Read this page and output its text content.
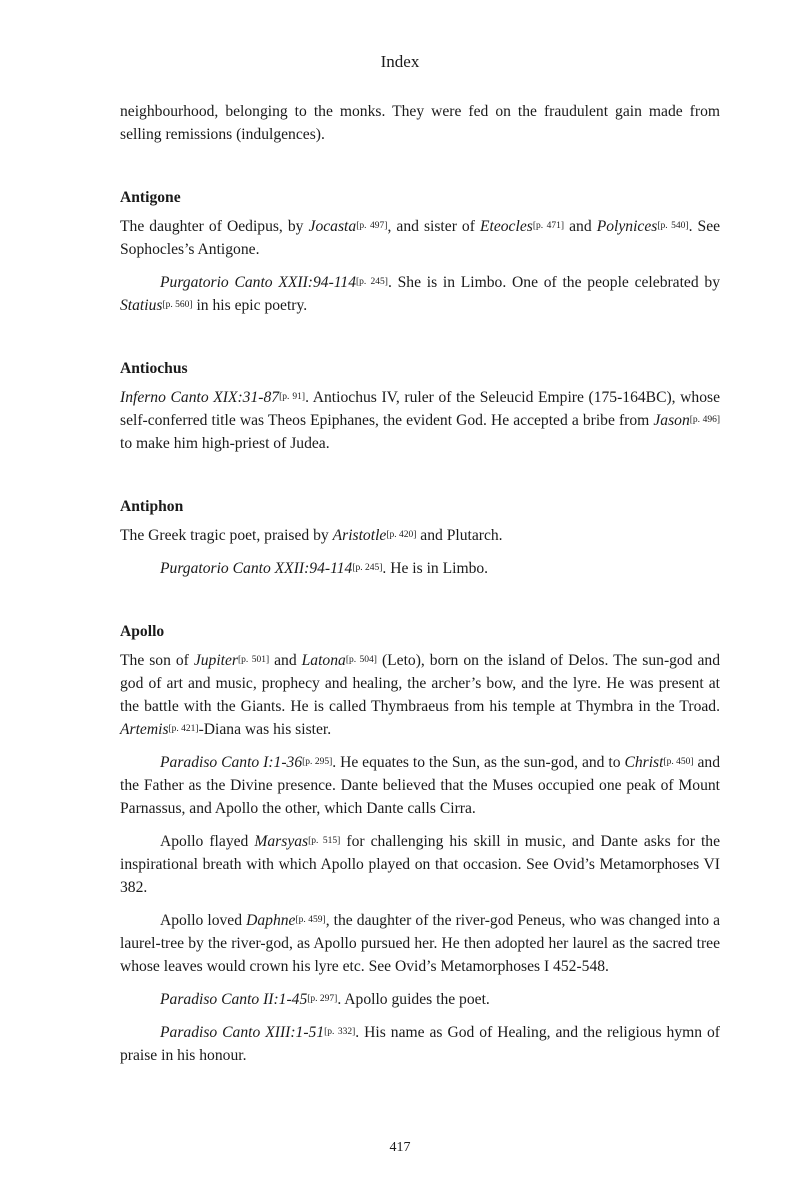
Index

neighbourhood, belonging to the monks. They were fed on the fraudulent gain made from selling remissions (indulgences).

Antigone

The daughter of Oedipus, by Jocasta[p. 497], and sister of Eteocles[p. 471] and Polynices[p. 540]. See Sophocles’s Antigone.

Purgatorio Canto XXII:94-114[p. 245]. She is in Limbo. One of the people celebrated by Statius[p. 560] in his epic poetry.

Antiochus

Inferno Canto XIX:31-87[p. 91]. Antiochus IV, ruler of the Seleucid Empire (175-164BC), whose self-conferred title was Theos Epiphanes, the evident God. He accepted a bribe from Jason[p. 496] to make him high-priest of Judea.

Antiphon

The Greek tragic poet, praised by Aristotle[p. 420] and Plutarch.

Purgatorio Canto XXII:94-114[p. 245]. He is in Limbo.

Apollo

The son of Jupiter[p. 501] and Latona[p. 504] (Leto), born on the island of Delos. The sun-god and god of art and music, prophecy and healing, the archer’s bow, and the lyre. He was present at the battle with the Giants. He is called Thymbraeus from his temple at Thymbra in the Troad. Artemis[p. 421]-Diana was his sister.

Paradiso Canto I:1-36[p. 295]. He equates to the Sun, as the sun-god, and to Christ[p. 450] and the Father as the Divine presence. Dante believed that the Muses occupied one peak of Mount Parnassus, and Apollo the other, which Dante calls Cirra.

Apollo flayed Marsyas[p. 515] for challenging his skill in music, and Dante asks for the inspirational breath with which Apollo played on that occasion. See Ovid’s Metamorphoses VI 382.

Apollo loved Daphne[p. 459], the daughter of the river-god Peneus, who was changed into a laurel-tree by the river-god, as Apollo pursued her. He then adopted her laurel as the sacred tree whose leaves would crown his lyre etc. See Ovid’s Metamorphoses I 452-548.

Paradiso Canto II:1-45[p. 297]. Apollo guides the poet.

Paradiso Canto XIII:1-51[p. 332]. His name as God of Healing, and the religious hymn of praise in his honour.

417
